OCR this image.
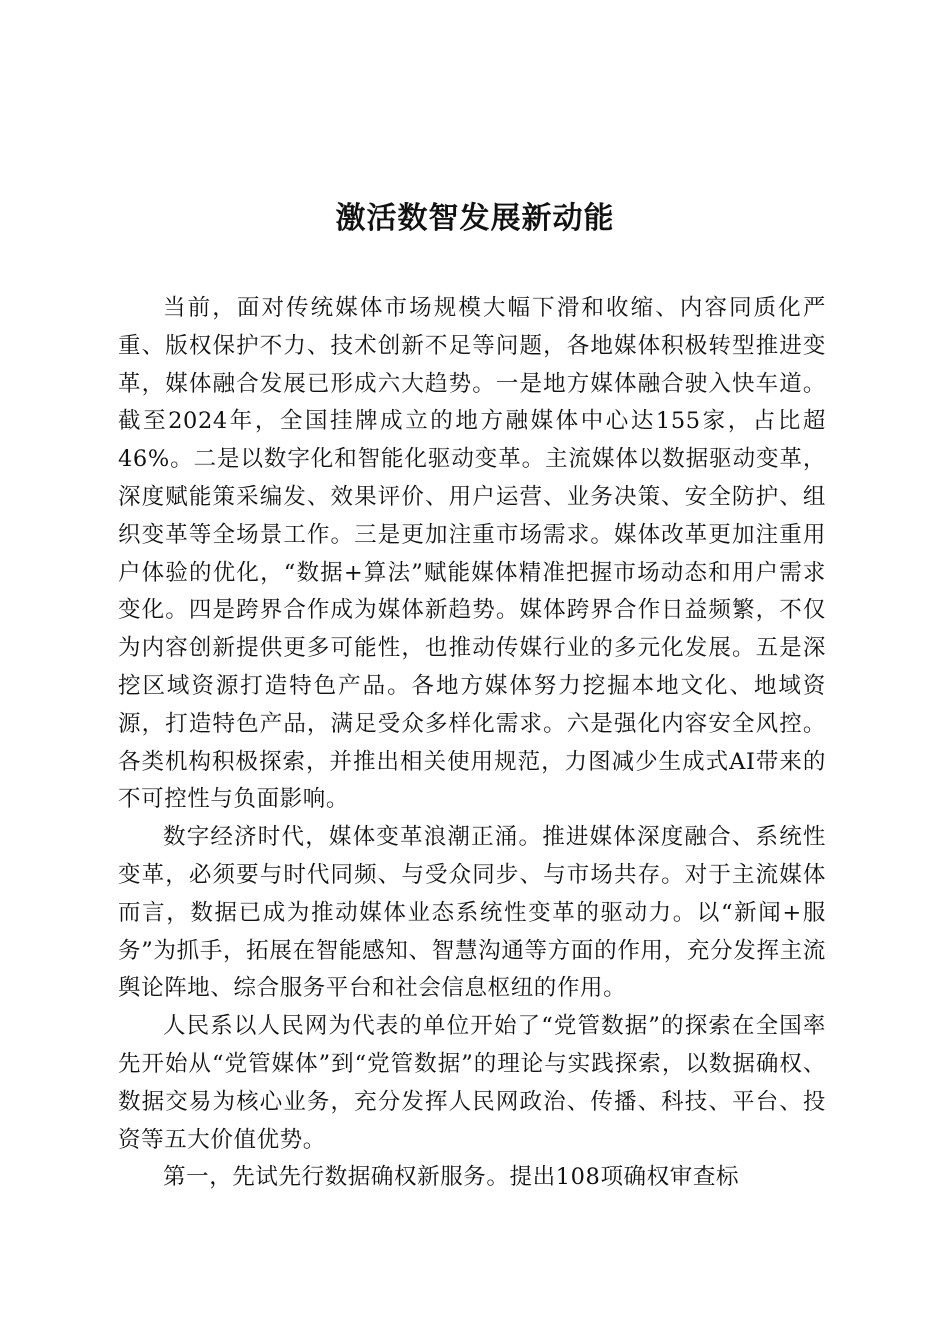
激活数智发展新动能

当前，面对传统媒体市场规模大幅下滑和收缩、内容同质化严重、版权保护不力、技术创新不足等问题，各地媒体积极转型推进变革，媒体融合发展已形成六大趋势。一是地方媒体融合驶入快车道。截至2024年，全国挂牌成立的地方融媒体中心达155家，占比超46%。二是以数字化和智能化驱动变革。主流媒体以数据驱动变革，深度赋能策采编发、效果评价、用户运营、业务决策、安全防护、组织变革等全场景工作。三是更加注重市场需求。媒体改革更加注重用户体验的优化，“数据+算法”赋能媒体精准把握市场动态和用户需求变化。四是跨界合作成为媒体新趋势。媒体跨界合作日益频繁，不仅为内容创新提供更多可能性，也推动传媒行业的多元化发展。五是深挖区域资源打造特色产品。各地方媒体努力挖掘本地文化、地域资源，打造特色产品，满足受众多样化需求。六是强化内容安全风控。各类机构积极探索，并推出相关使用规范，力图减少生成式AI带来的不可控性与负面影响。

数字经济时代，媒体变革浪潮正涌。推进媒体深度融合、系统性变革，必须要与时代同频、与受众同步、与市场共存。对于主流媒体而言，数据已成为推动媒体业态系统性变革的驱动力。以“新闻+服务”为抓手，拓展在智能感知、智慧沟通等方面的作用，充分发挥主流舆论阵地、综合服务平台和社会信息枢纽的作用。

人民系以人民网为代表的单位开始了“党管数据”的探索在全国率先开始从“党管媒体”到“党管数据”的理论与实践探索，以数据确权、数据交易为核心业务，充分发挥人民网政治、传播、科技、平台、投资等五大价值优势。

第一，先试先行数据确权新服务。提出108项确权审查标
